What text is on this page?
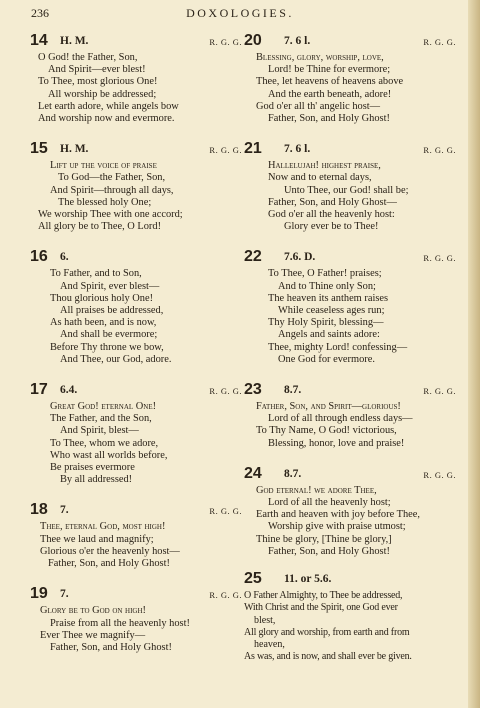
236	DOXOLOGIES.
14 H. M.	R. G. G.
O God! the Father, Son,
And Spirit—ever blest!
To Thee, most glorious One!
All worship be addressed;
Let earth adore, while angels bow
And worship now and evermore.
15 H. M.	R. G. G.
Lift up the voice of praise
To God—the Father, Son,
And Spirit—through all days,
The blessed holy One;
We worship Thee with one accord;
All glory be to Thee, O Lord!
16 6.
To Father, and to Son,
And Spirit, ever blest—
Thou glorious holy One!
All praises be addressed,
As hath been, and is now,
And shall be evermore;
Before Thy throne we bow,
And Thee, our God, adore.
17 6.4.	R. G. G.
Great God! eternal One!
The Father, and the Son,
And Spirit, blest—
To Thee, whom we adore,
Who wast all worlds before,
Be praises evermore
By all addressed!
18 7.	R. G. G.
Thee, eternal God, most high!
Thee we laud and magnify;
Glorious o'er the heavenly host—
Father, Son, and Holy Ghost!
19 7.	R. G. G.
Glory be to God on high!
Praise from all the heavenly host!
Ever Thee we magnify—
Father, Son, and Holy Ghost!
20 7. 6 l.	R. G. G.
Blessing, glory, worship, love,
Lord! be Thine for evermore;
Thee, let heavens of heavens above
And the earth beneath, adore!
God o'er all th' angelic host—
Father, Son, and Holy Ghost!
21 7. 6 l.	R. G. G.
Hallelujah! highest praise,
Now and to eternal days,
Unto Thee, our God! shall be;
Father, Son, and Holy Ghost—
God o'er all the heavenly host:
Glory ever be to Thee!
22 7.6. D.	R. G. G.
To Thee, O Father! praises;
And to Thine only Son;
The heaven its anthem raises
While ceaseless ages run;
Thy Holy Spirit, blessing—
Angels and saints adore:
Thee, mighty Lord! confessing—
One God for evermore.
23 8.7.	R. G. G.
Father, Son, and Spirit—glorious!
Lord of all through endless days—
To Thy Name, O God! victorious,
Blessing, honor, love and praise!
24 8.7.	R. G. G.
God eternal! we adore Thee,
Lord of all the heavenly host;
Earth and heaven with joy before Thee,
Worship give with praise utmost;
Thine be glory, [Thine be glory,]
Father, Son, and Holy Ghost!
25 11. or 5.6.
O Father Almighty, to Thee be addressed,
With Christ and the Spirit, one God ever
blest,
All glory and worship, from earth and from
heaven,
As was, and is now, and shall ever be given.
